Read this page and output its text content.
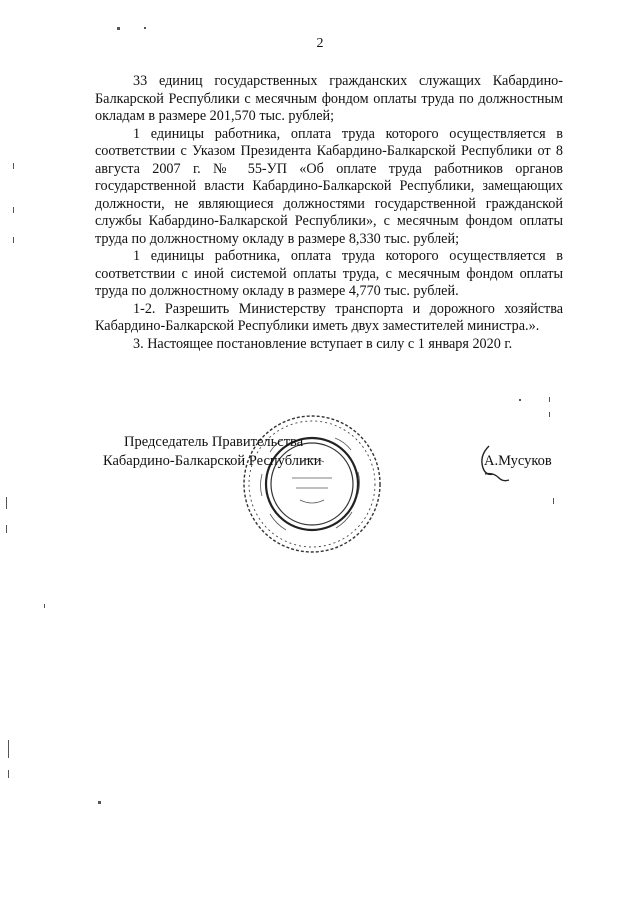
2

33 единиц государственных гражданских служащих Кабардино-Балкарской Республики с месячным фондом оплаты труда по должностным окладам в размере 201,570 тыс. рублей;

1 единицы работника, оплата труда которого осуществляется в соответствии с Указом Президента Кабардино-Балкарской Республики от 8 августа 2007 г. № 55-УП «Об оплате труда работников органов государственной власти Кабардино-Балкарской Республики, замещающих должности, не являющиеся должностями государственной гражданской службы Кабардино-Балкарской Республики», с месячным фондом оплаты труда по должностному окладу в размере 8,330 тыс. рублей;

1 единицы работника, оплата труда которого осуществляется в соответствии с иной системой оплаты труда, с месячным фондом оплаты труда по должностному окладу в размере 4,770 тыс. рублей.

1-2. Разрешить Министерству транспорта и дорожного хозяйства Кабардино-Балкарской Республики иметь двух заместителей министра.».

3. Настоящее постановление вступает в силу с 1 января 2020 г.

Председатель Правительства
Кабардино-Балкарской Республики	А.Мусуков
